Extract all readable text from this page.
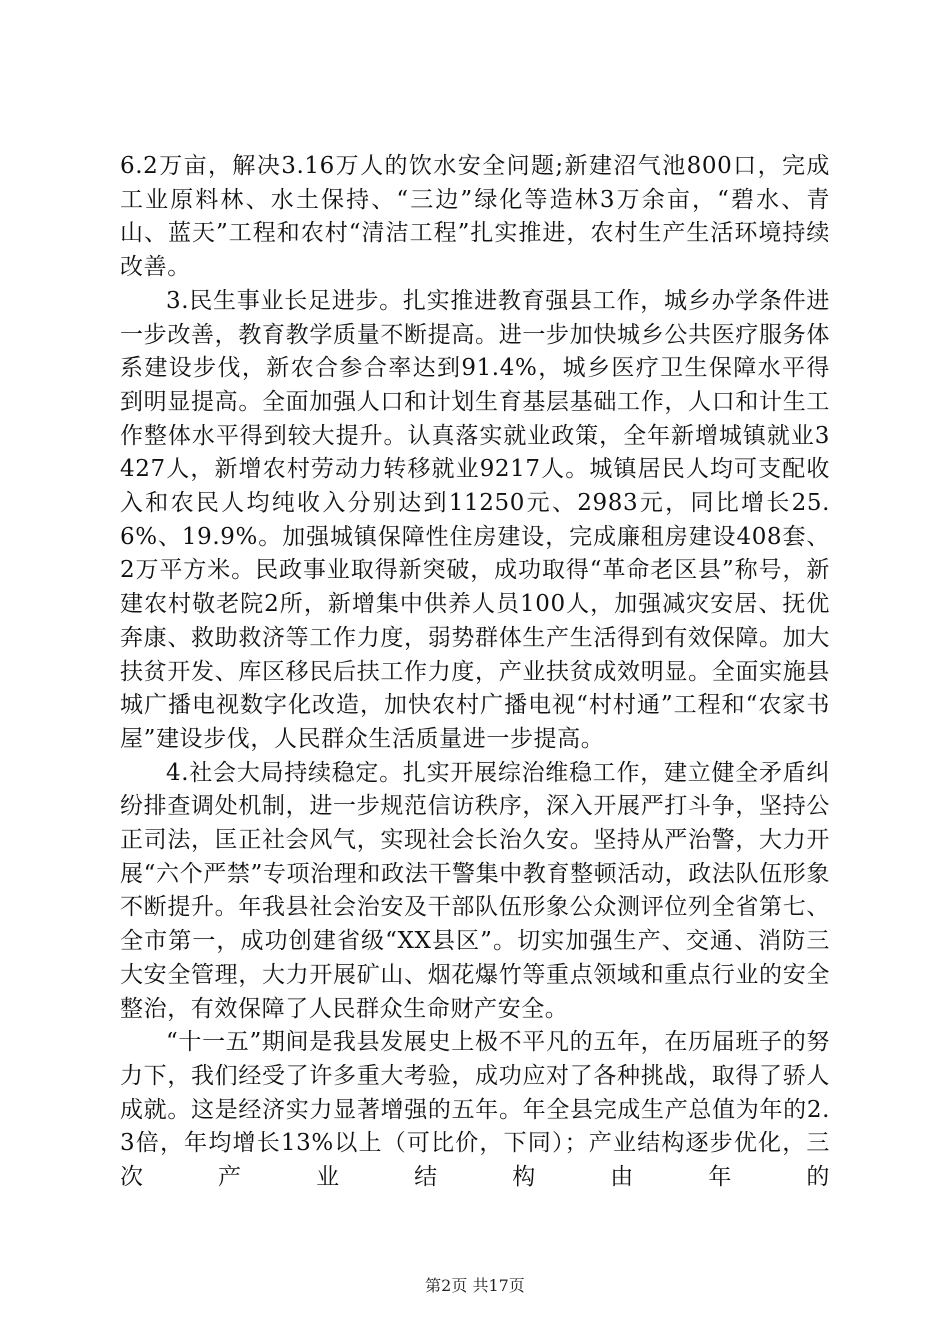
6.2万亩，解决3.16万人的饮水安全问题;新建沼气池800口，完成工业原料林、水土保持、“三边”绿化等造林3万余亩，“碧水、青山、蓝天”工程和农村“清洁工程”扎实推进，农村生产生活环境持续改善。

3.民生事业长足进步。扎实推进教育强县工作，城乡办学条件进一步改善，教育教学质量不断提高。进一步加快城乡公共医疗服务体系建设步伐，新农合参合率达到91.4%，城乡医疗卫生保障水平得到明显提高。全面加强人口和计划生育基层基础工作，人口和计生工作整体水平得到较大提升。认真落实就业政策，全年新增城镇就业3427人，新增农村劳动力转移就业9217人。城镇居民人均可支配收入和农民人均纯收入分别达到11250元、2983元，同比增长25.6%、19.9%。加强城镇保障性住房建设，完成廉租房建设408套、2万平方米。民政事业取得新突破，成功取得“革命老区县”称号，新建农村敬老院2所，新增集中供养人员100人，加强减灾安居、抚优奔康、救助救济等工作力度，弱势群体生产生活得到有效保障。加大扶贫开发、库区移民后扶工作力度，产业扶贫成效明显。全面实施县城广播电视数字化改造，加快农村广播电视“村村通”工程和“农家书屋”建设步伐，人民群众生活质量进一步提高。

4.社会大局持续稳定。扎实开展综治维稳工作，建立健全矛盾纠纷排查调处机制，进一步规范信访秩序，深入开展严打斗争，坚持公正司法，匡正社会风气，实现社会长治久安。坚持从严治警，大力开展“六个严禁”专项治理和政法干警集中教育整顿活动，政法队伍形象不断提升。年我县社会治安及干部队伍形象公众测评位列全省第七、全市第一，成功创建省级“XX县区”。切实加强生产、交通、消防三大安全管理，大力开展矿山、烟花爆竹等重点领域和重点行业的安全整治，有效保障了人民群众生命财产安全。

“十一五”期间是我县发展史上极不平凡的五年，在历届班子的努力下，我们经受了许多重大考验，成功应对了各种挑战，取得了骄人成就。这是经济实力显著增强的五年。年全县完成生产总值为年的2.3倍，年均增长13%以上（可比价，下同）；产业结构逐步优化，三次产业结构由年的

第2页 共17页
